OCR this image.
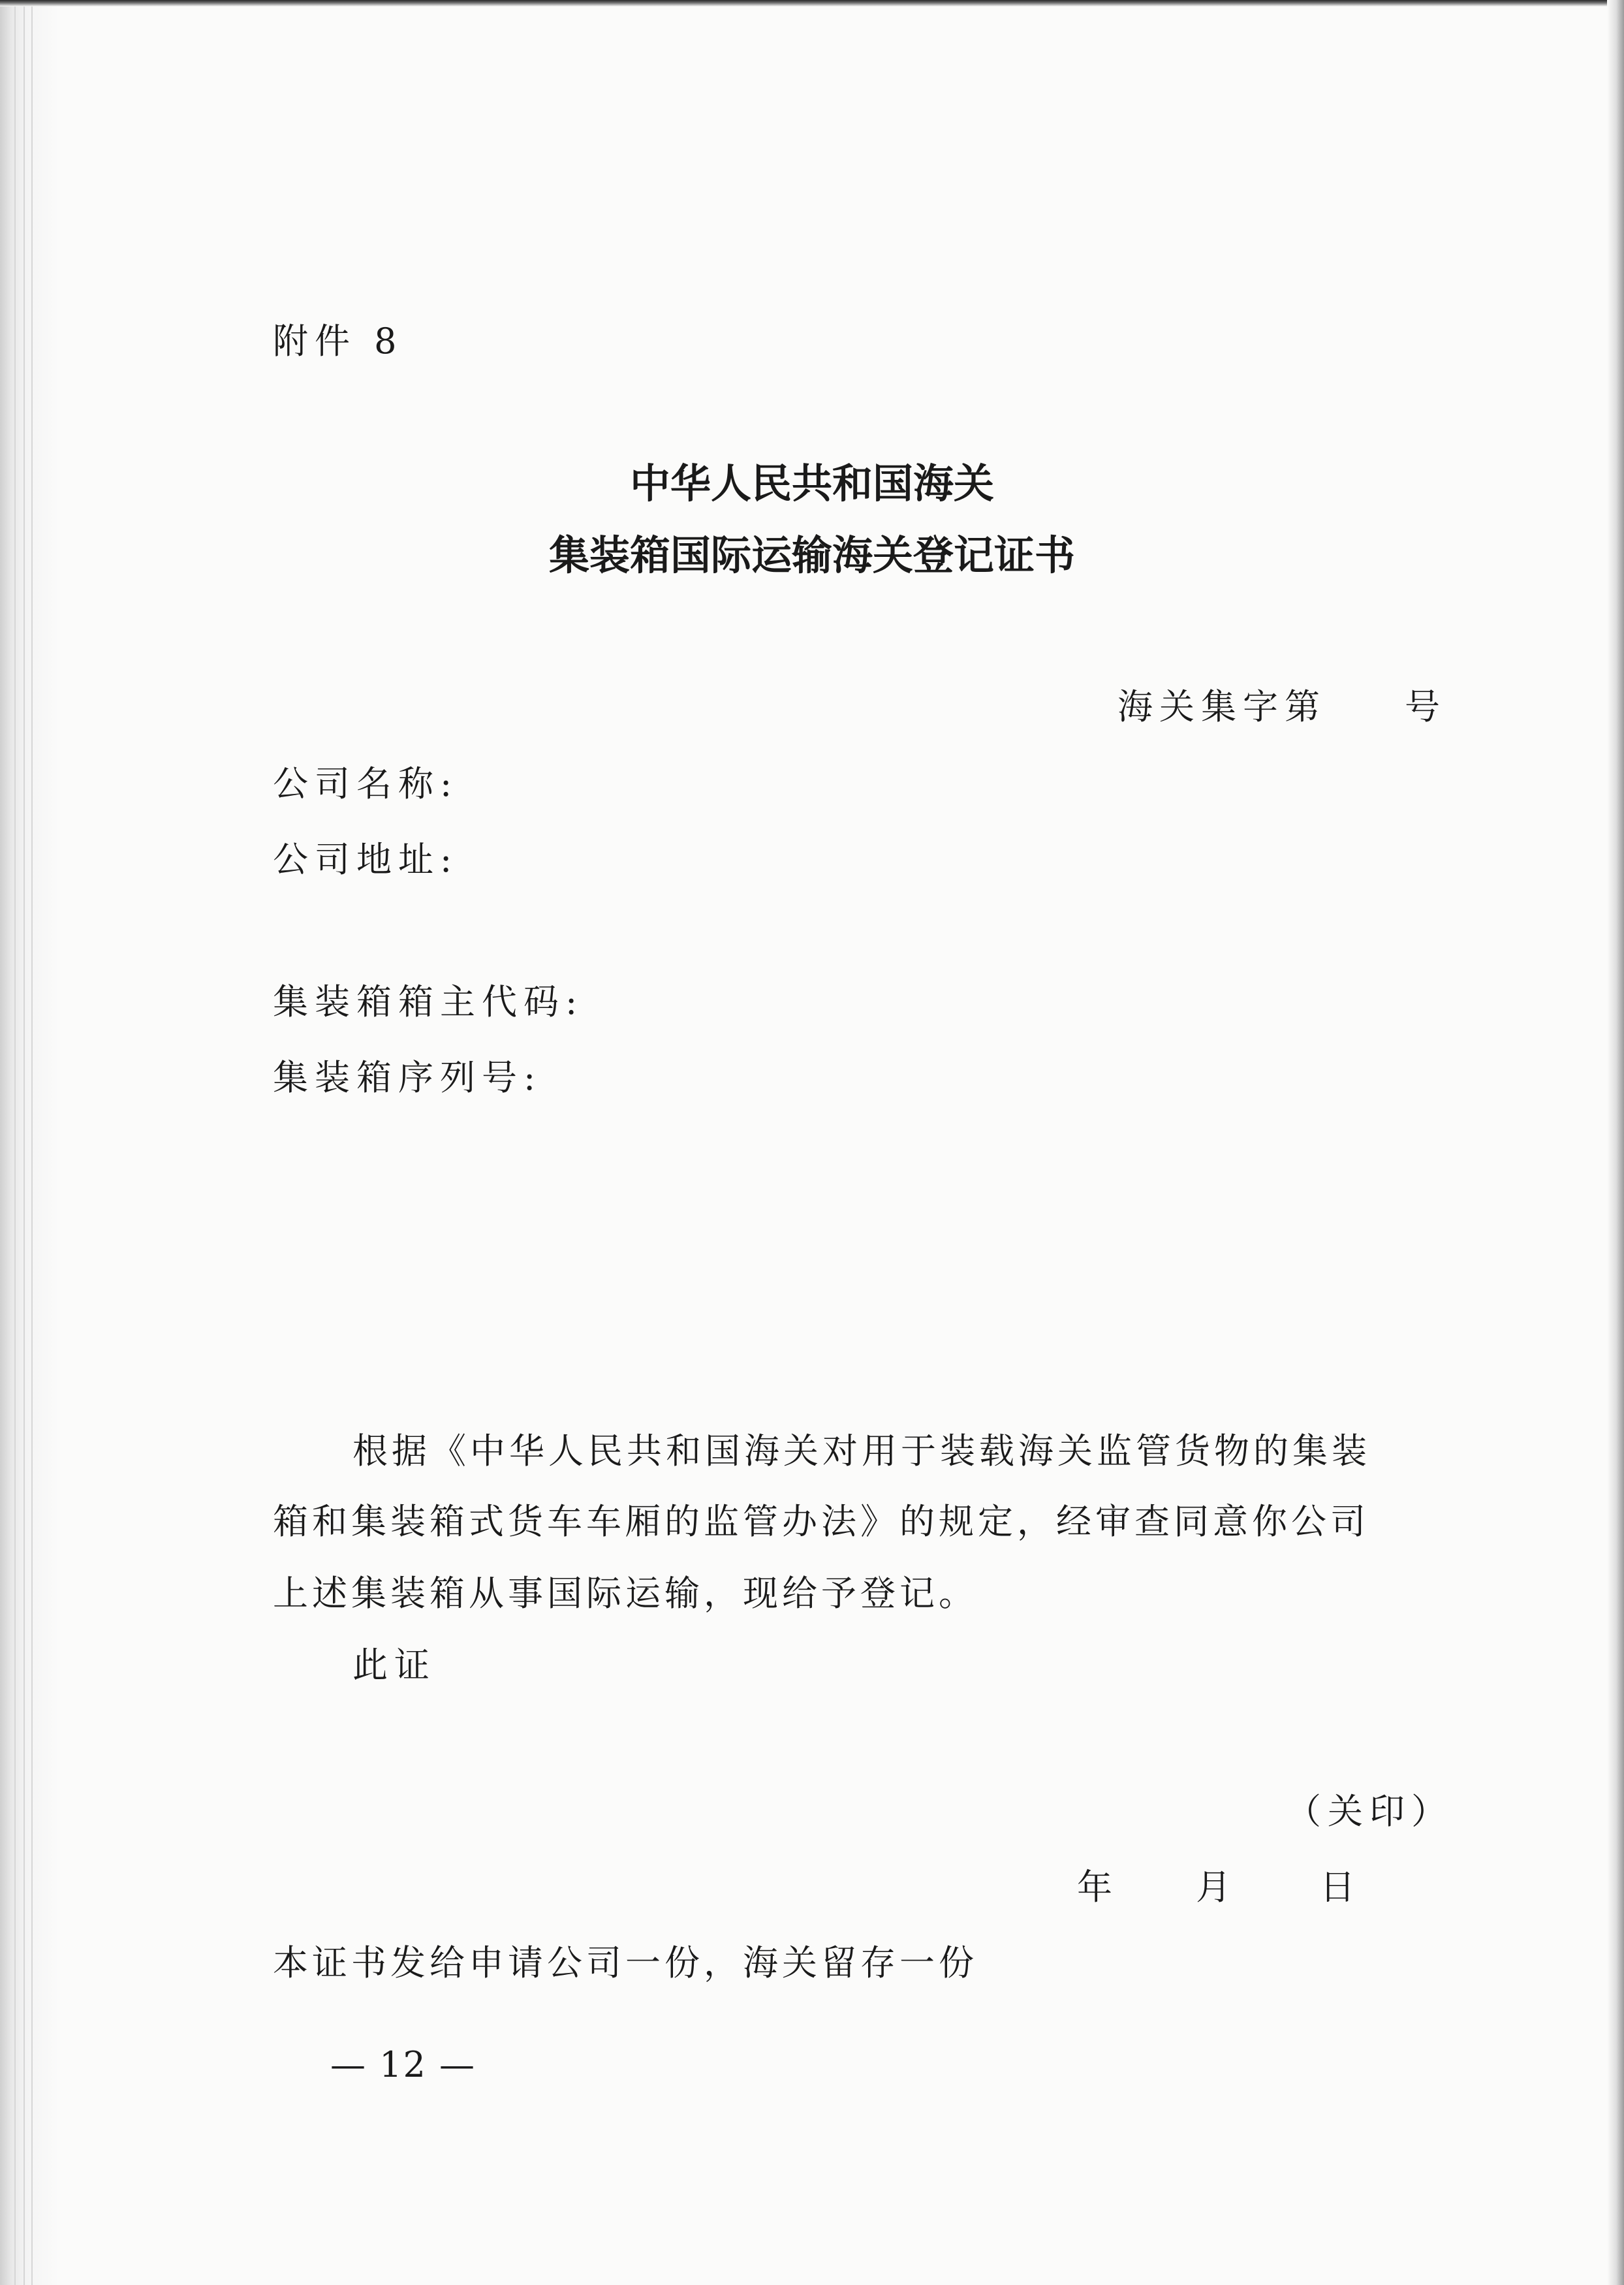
附件 8
中华人民共和国海关
集装箱国际运输海关登记证书
海关集字第 号
公司名称:
公司地址:
集装箱箱主代码:
集装箱序列号:
根据《中华人民共和国海关对用于装载海关监管货物的集装
箱和集装箱式货车车厢的监管办法》的规定，经审查同意你公司
上述集装箱从事国际运输，现给予登记。
此证
（关印）
年 月 日
本证书发给申请公司一份，海关留存一份
— 12 —
